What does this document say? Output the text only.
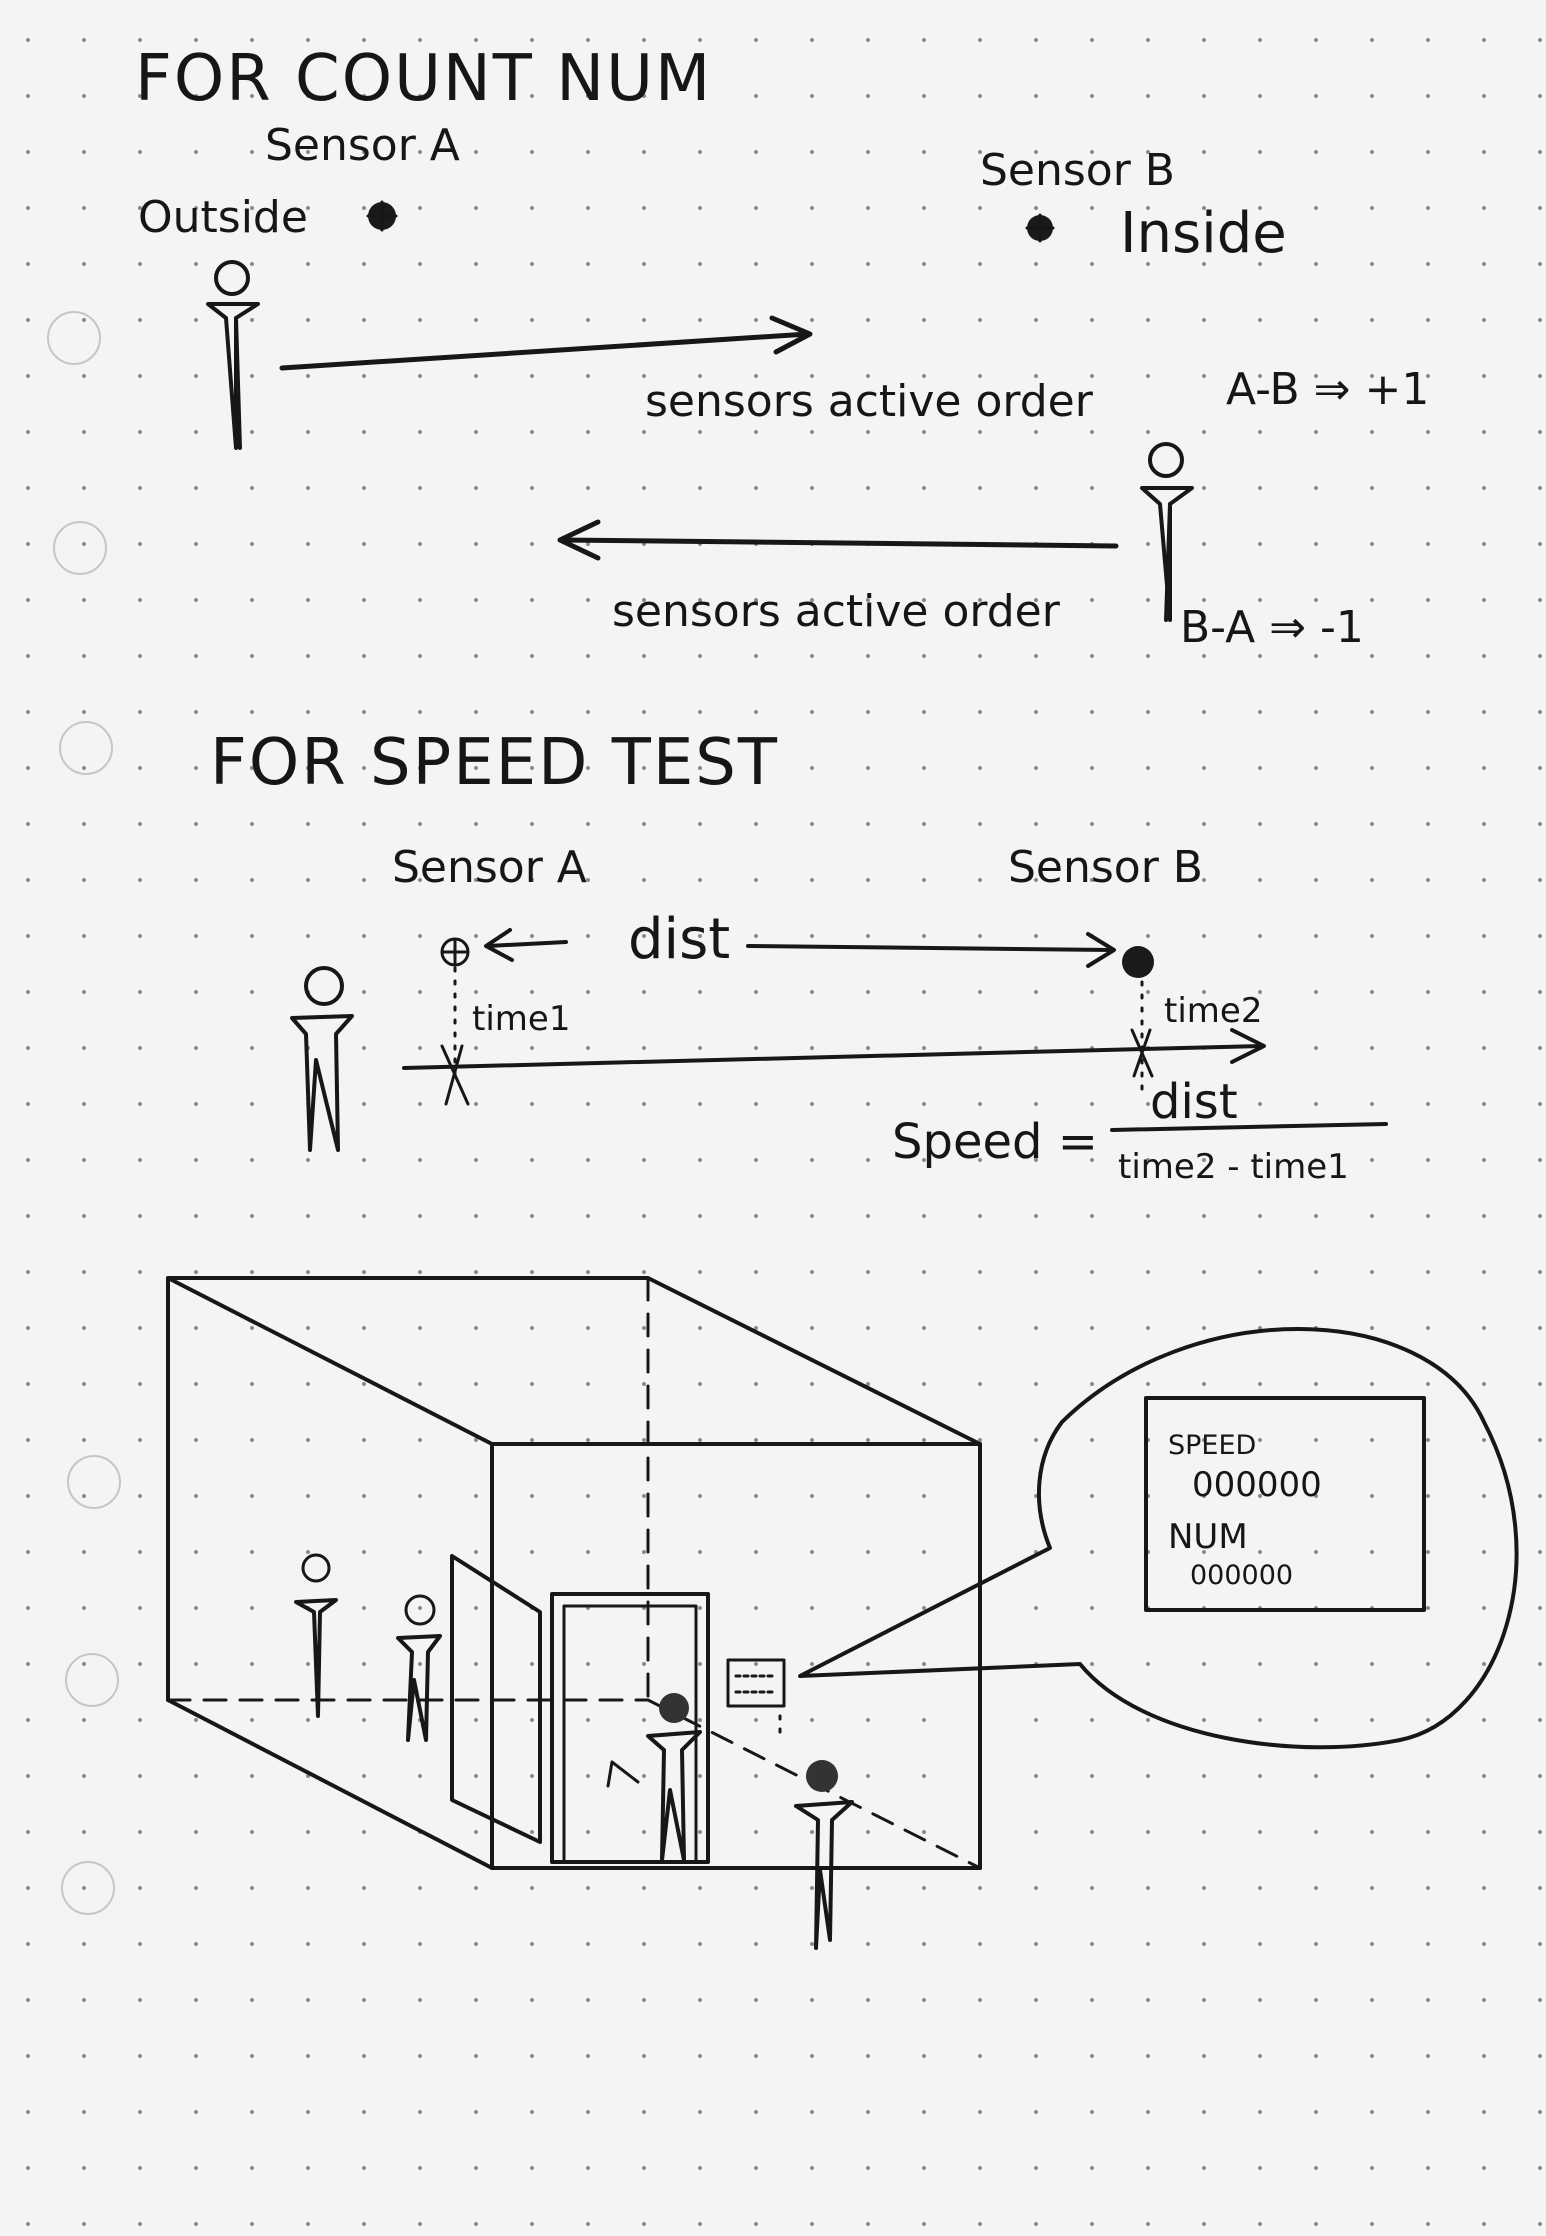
FOR COUNT NUM
Sensor A	Sensor B
Outside	Inside
sensors active order	A-B ⇒ +1
sensors active order	B-A ⇒ -1
FOR SPEED TEST
Sensor A	Sensor B
dist
time1	time2
Speed =
dist
time2 - time1
SPEED
000000
NUM
000000
